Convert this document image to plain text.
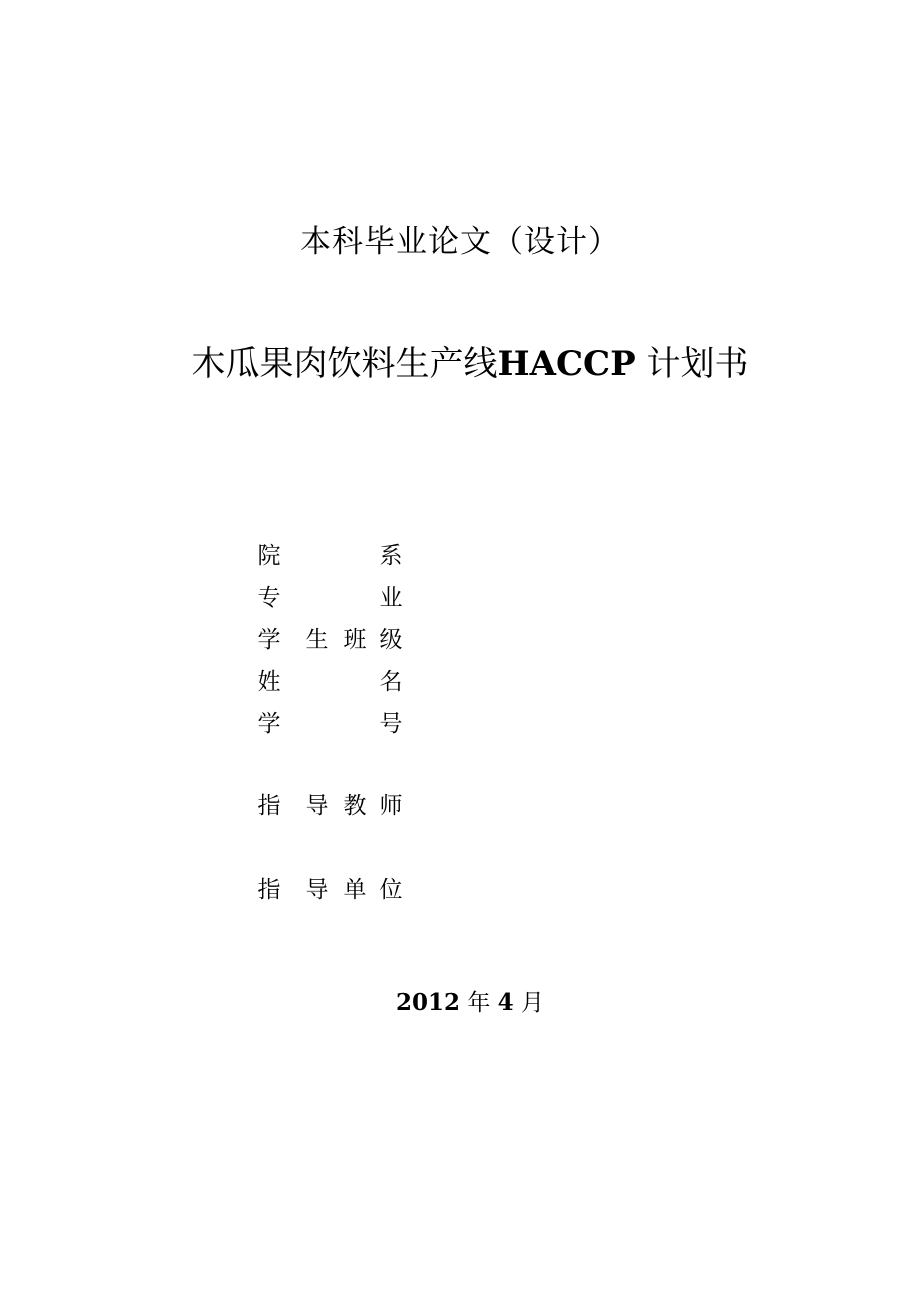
本科毕业论文（设计）
木瓜果肉饮料生产线HACCP 计划书
院	系
专	业
学 生 班 级
姓	名
学	号
指 导 教 师
指 导 单 位
2012 年 4 月
